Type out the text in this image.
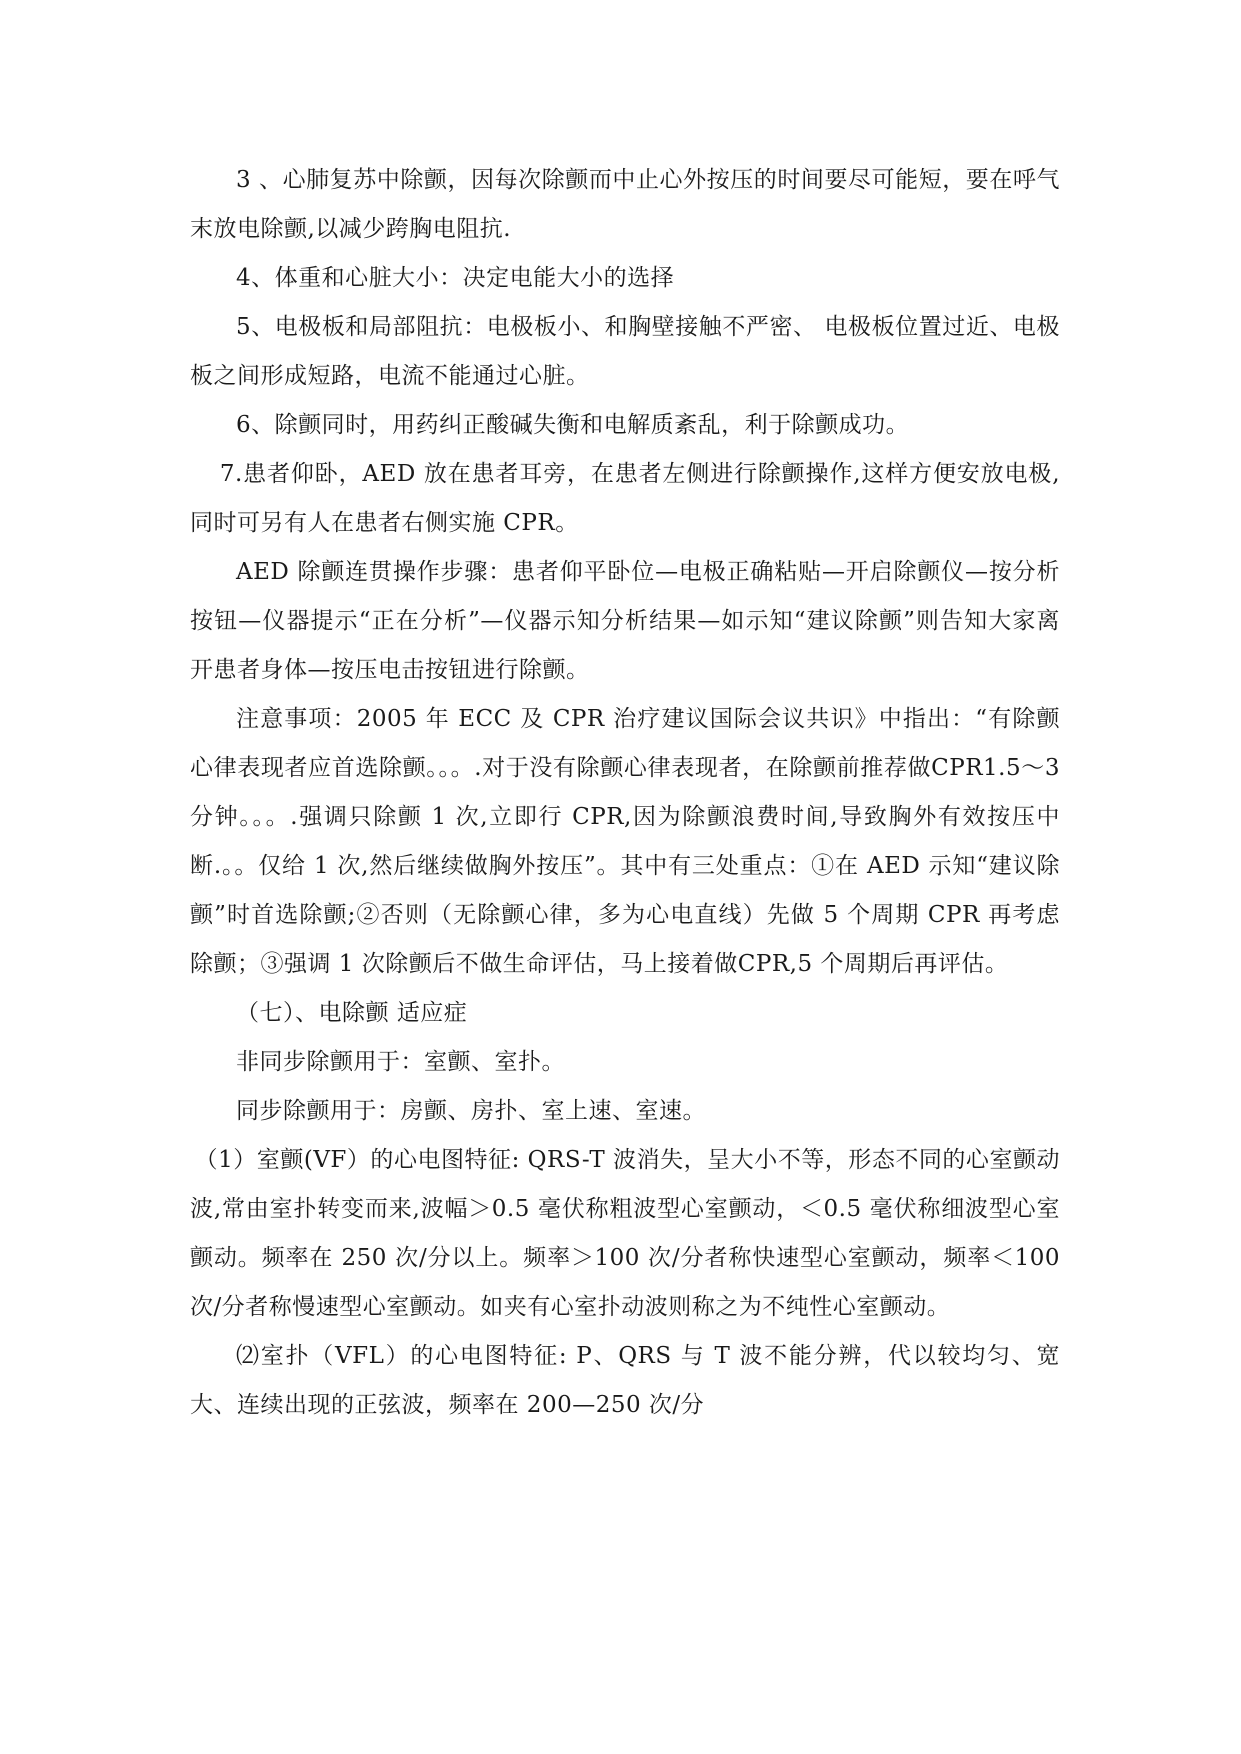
3 、心肺复苏中除颤，因每次除颤而中止心外按压的时间要尽可能短，要在呼气末放电除颤,以减少跨胸电阻抗.

4、体重和心脏大小：决定电能大小的选择

5、电极板和局部阻抗：电极板小、和胸壁接触不严密、 电极板位置过近、电极板之间形成短路，电流不能通过心脏。

6、除颤同时，用药纠正酸碱失衡和电解质紊乱，利于除颤成功。

7.患者仰卧，AED 放在患者耳旁，在患者左侧进行除颤操作,这样方便安放电极,同时可另有人在患者右侧实施 CPR。

AED 除颤连贯操作步骤：患者仰平卧位—电极正确粘贴—开启除颤仪—按分析按钮—仪器提示“正在分析”—仪器示知分析结果—如示知“建议除颤”则告知大家离开患者身体—按压电击按钮进行除颤。

注意事项：2005 年 ECC 及 CPR 治疗建议国际会议共识》中指出：“有除颤心律表现者应首选除颤。。。.对于没有除颤心律表现者，在除颤前推荐做CPR1.5～3 分钟。。。.强调只除颤 1 次,立即行 CPR,因为除颤浪费时间,导致胸外有效按压中断.。。仅给 1 次,然后继续做胸外按压”。其中有三处重点：①在 AED 示知“建议除颤”时首选除颤;②否则（无除颤心律，多为心电直线）先做 5 个周期 CPR 再考虑除颤；③强调 1 次除颤后不做生命评估，马上接着做CPR,5 个周期后再评估。

（七）、电除颤 适应症

非同步除颤用于：室颤、室扑。

同步除颤用于：房颤、房扑、室上速、室速。

（1）室颤(VF）的心电图特征: QRS-T 波消失，呈大小不等，形态不同的心室颤动波,常由室扑转变而来,波幅＞0.5 毫伏称粗波型心室颤动，＜0.5 毫伏称细波型心室颤动。频率在 250 次/分以上。频率＞100 次/分者称快速型心室颤动，频率＜100 次/分者称慢速型心室颤动。如夹有心室扑动波则称之为不纯性心室颤动。

⑵室扑（VFL）的心电图特征: P、QRS 与 T 波不能分辨，代以较均匀、宽大、连续出现的正弦波，频率在 200—250 次/分
